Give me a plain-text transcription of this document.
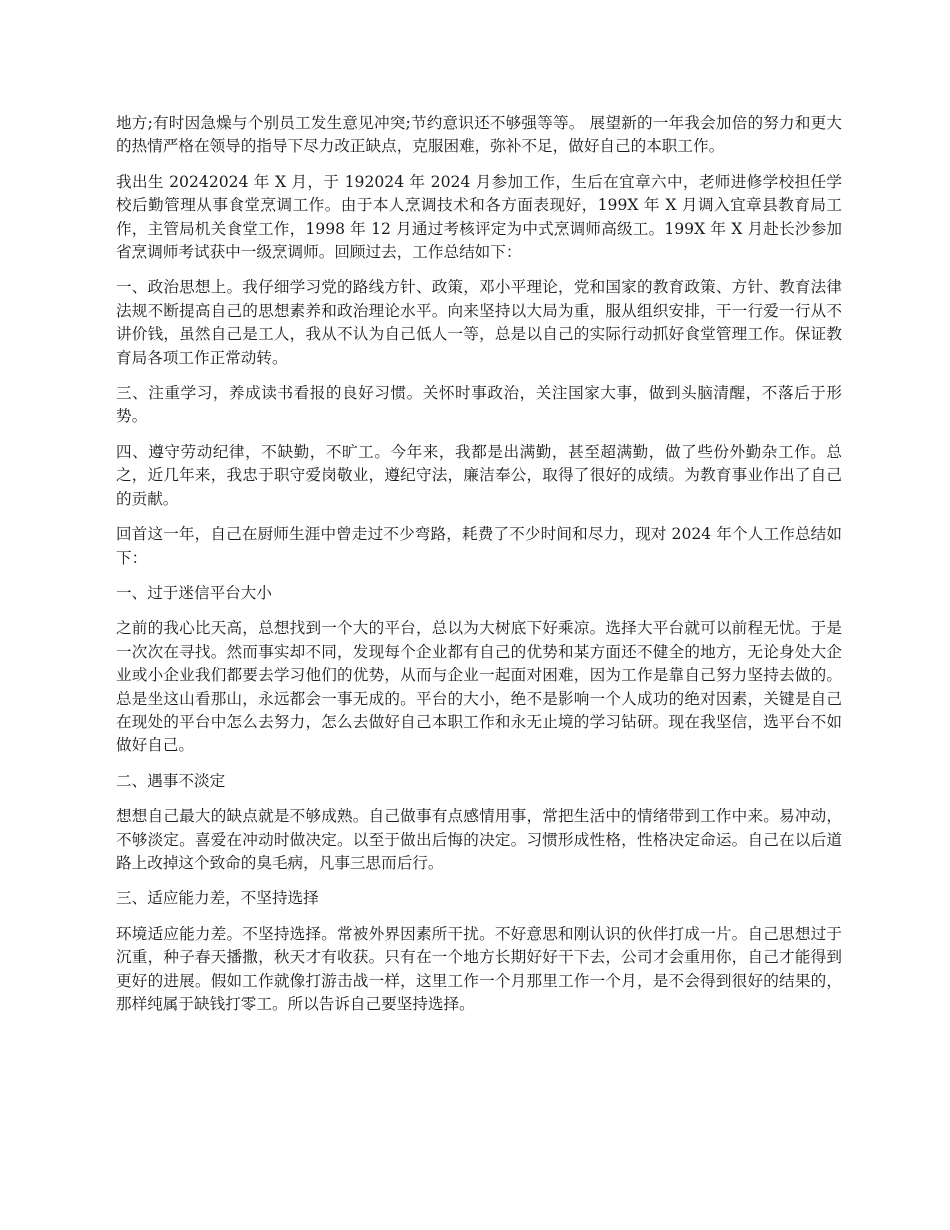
地方;有时因急燥与个别员工发生意见冲突;节约意识还不够强等等。 展望新的一年我会加倍的努力和更大的热情严格在领导的指导下尽力改正缺点，克服困难，弥补不足，做好自己的本职工作。

我出生 20242024 年 X 月，于 192024 年 2024 月参加工作，生后在宜章六中，老师进修学校担任学校后勤管理从事食堂烹调工作。由于本人烹调技术和各方面表现好，199X 年 X 月调入宜章县教育局工作，主管局机关食堂工作，1998 年 12 月通过考核评定为中式烹调师高级工。199X 年 X 月赴长沙参加省烹调师考试获中一级烹调师。回顾过去，工作总结如下：

一、政治思想上。我仔细学习党的路线方针、政策，邓小平理论，党和国家的教育政策、方针、教育法律法规不断提高自己的思想素养和政治理论水平。向来坚持以大局为重，服从组织安排，干一行爱一行从不讲价钱，虽然自己是工人，我从不认为自己低人一等，总是以自己的实际行动抓好食堂管理工作。保证教育局各项工作正常动转。

三、注重学习，养成读书看报的良好习惯。关怀时事政治，关注国家大事，做到头脑清醒，不落后于形势。

四、遵守劳动纪律，不缺勤，不旷工。今年来，我都是出满勤，甚至超满勤，做了些份外勤杂工作。总之，近几年来，我忠于职守爱岗敬业，遵纪守法，廉洁奉公，取得了很好的成绩。为教育事业作出了自己的贡献。

回首这一年，自己在厨师生涯中曾走过不少弯路，耗费了不少时间和尽力，现对 2024 年个人工作总结如下：

一、过于迷信平台大小

之前的我心比天高，总想找到一个大的平台，总以为大树底下好乘凉。选择大平台就可以前程无忧。于是一次次在寻找。然而事实却不同，发现每个企业都有自己的优势和某方面还不健全的地方，无论身处大企业或小企业我们都要去学习他们的优势，从而与企业一起面对困难，因为工作是靠自己努力坚持去做的。总是坐这山看那山，永远都会一事无成的。平台的大小，绝不是影响一个人成功的绝对因素，关键是自己在现处的平台中怎么去努力，怎么去做好自己本职工作和永无止境的学习钻研。现在我坚信，选平台不如做好自己。

二、遇事不淡定

想想自己最大的缺点就是不够成熟。自己做事有点感情用事，常把生活中的情绪带到工作中来。易冲动，不够淡定。喜爱在冲动时做决定。以至于做出后悔的决定。习惯形成性格，性格决定命运。自己在以后道路上改掉这个致命的臭毛病，凡事三思而后行。

三、适应能力差，不坚持选择

环境适应能力差。不坚持选择。常被外界因素所干扰。不好意思和刚认识的伙伴打成一片。自己思想过于沉重，种子春天播撒，秋天才有收获。只有在一个地方长期好好干下去，公司才会重用你，自己才能得到更好的进展。假如工作就像打游击战一样，这里工作一个月那里工作一个月，是不会得到很好的结果的，那样纯属于缺钱打零工。所以告诉自己要坚持选择。
